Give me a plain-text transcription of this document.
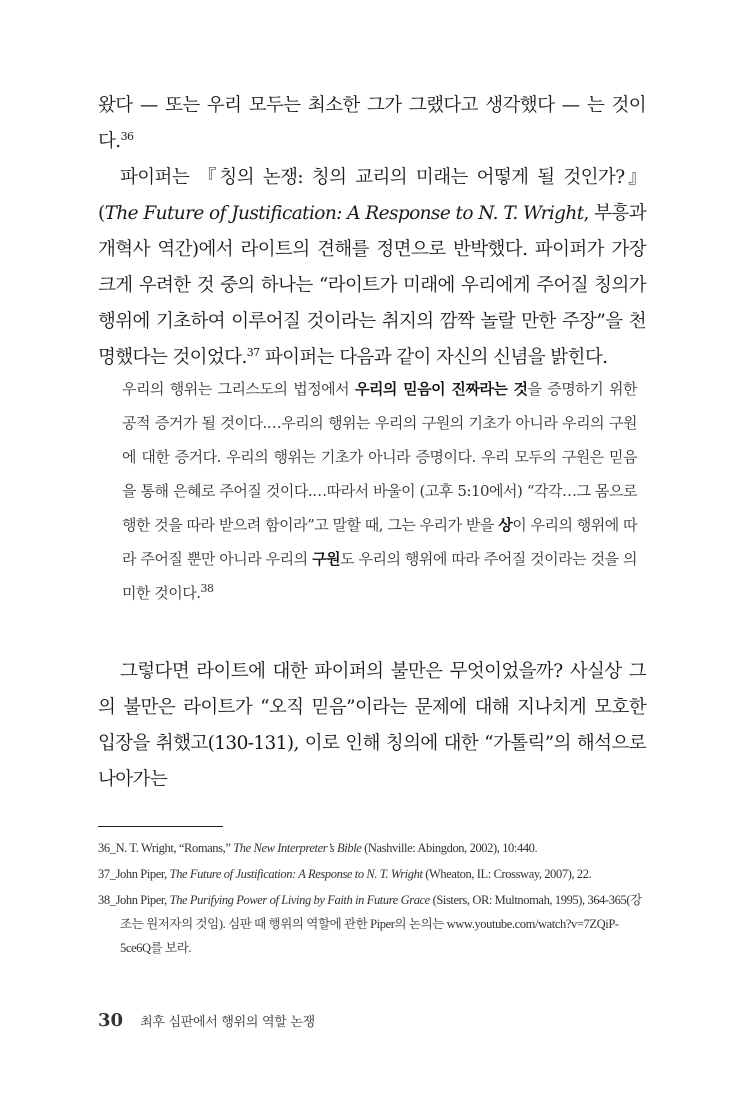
왔다 — 또는 우리 모두는 최소한 그가 그랬다고 생각했다 — 는 것이다.$^{36}$

파이퍼는 『칭의 논쟁: 칭의 교리의 미래는 어떻게 될 것인가?』(The Future of Justification: A Response to N. T. Wright, 부흥과개혁사 역간)에서 라이트의 견해를 정면으로 반박했다. 파이퍼가 가장 크게 우려한 것 중의 하나는 “라이트가 미래에 우리에게 주어질 칭의가 행위에 기초하여 이루어질 것이라는 취지의 깜짝 놀랄 만한 주장”을 천명했다는 것이었다.$^{37}$ 파이퍼는 다음과 같이 자신의 신념을 밝힌다.

우리의 행위는 그리스도의 법정에서 우리의 믿음이 진짜라는 것을 증명하기 위한 공적 증거가 될 것이다.…우리의 행위는 우리의 구원의 기초가 아니라 우리의 구원에 대한 증거다. 우리의 행위는 기초가 아니라 증명이다. 우리 모두의 구원은 믿음을 통해 은혜로 주어질 것이다.…따라서 바울이 (고후 5:10에서) “각각…그 몸으로 행한 것을 따라 받으려 함이라”고 말할 때, 그는 우리가 받을 상이 우리의 행위에 따라 주어질 뿐만 아니라 우리의 구원도 우리의 행위에 따라 주어질 것이라는 것을 의미한 것이다.$^{38}$

그렇다면 라이트에 대한 파이퍼의 불만은 무엇이었을까? 사실상 그의 불만은 라이트가 “오직 믿음”이라는 문제에 대해 지나치게 모호한 입장을 취했고(130-131), 이로 인해 칭의에 대한 “가톨릭”의 해석으로 나아가는

36_N. T. Wright, “Romans,” The New Interpreter’s Bible (Nashville: Abingdon, 2002), 10:440.

37_John Piper, The Future of Justification: A Response to N. T. Wright (Wheaton, IL: Crossway, 2007), 22.

38_John Piper, The Purifying Power of Living by Faith in Future Grace (Sisters, OR: Multnomah, 1995), 364-365(강조는 원저자의 것임). 심판 때 행위의 역할에 관한 Piper의 논의는 www.youtube.com/watch?v=7ZQiP-5ce6Q를 보라.

30 최후 심판에서 행위의 역할 논쟁
